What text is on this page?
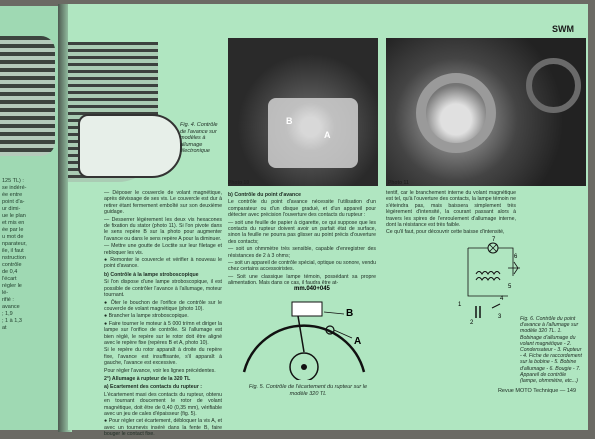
125 TL) :
se indéré-
ée entre
point d'a-
ur dimi-
ue le plan
et mis en
ée par le
u mot de
nparateur,
ile, il faut
nstruction
contrôle
de 0,4
l'écart
régler le
lé-
rifié :
avance
; 1,9
; 1 à 1,3
at
SWM
Fig. 4. Contrôle de l'avance sur modèles à allumage électronique
B
A
Photo 10	Photo 11

— Déposer le couvercle de volant magnétique, après dévissage de ses vis. Le couvercle est dur à retirer étant fermement emboîté sur son deuxième guidage.

— Desserrer légèrement les deux vis hexacones de fixation du stator (photo 11). Si l'on pivote dans le sens repère B sur la photo pour augmenter l'avance ou dans le sens repère A pour la diminuer.

— Mettre une goutte de Loctite sur leur filetage et rebloquer les vis.

● Remonter le couvercle et vérifier à nouveau le point d'avance.

b) Contrôle à la lampe stroboscopique

Si l'on dispose d'une lampe stroboscopique, il est possible de contrôler l'avance à l'allumage, moteur tournant.

● Ôter le bouchon de l'orifice de contrôle sur le couvercle de volant magnétique (photo 10).

● Brancher la lampe stroboscopique.

● Faire tourner le moteur à 5 000 tr/mn et diriger la lampe sur l'orifice de contrôle. Si l'allumage est bien réglé, le repère sur le rotor doit être aligné avec le repère fixe (repères B et A, photo 10).

Si le repère du rotor apparaît à droite du repère fixe, l'avance est insuffisante, s'il apparaît à gauche, l'avance est excessive.

Pour régler l'avance, voir les lignes précédentes.

2°) Allumage à rupteur de la 320 TL

a) Ecartement des contacts du rupteur :

L'écartement maxi des contacts du rupteur, obtenu en tournant doucement le rotor de volant magnétique, doit être de 0,40 (0,35 mm), vérifiable avec un jeu de cales d'épaisseur (fig. 5).

● Pour régler cet écartement, débloquer la vis A, et avec un tournevis inséré dans la fente B, faire bouger le contact fixe.

b) Contrôle du point d'avance

Le contrôle du point d'avance nécessite l'utilisation d'un comparateur ou d'un disque gradué, et d'un appareil pour détecter avec précision l'ouverture des contacts du rupteur :

— soit une feuille de papier à cigarette, ce qui suppose que les contacts du rupteur doivent avoir un parfait état de surface, sinon la feuille ne pourra pas glisser au point précis d'ouverture des contacts;

— soit un ohmmètre très sensible, capable d'enregistrer des résistances de 2 à 3 ohms;

— soit un appareil de contrôle spécial, optique ou sonore, vendu chez certains accessoiristes.

— Soit une classique lampe témoin, possédant sa propre alimentation. Mais dans ce cas, il faudra être at-

tentif, car le branchement interne du volant magnétique est tel, qu'à l'ouverture des contacts, la lampe témoin ne s'éteindra pas, mais baissera simplement très légèrement d'intensité, la courant passant alors à travers les spires de l'enroulement d'allumage interne, dont la résistance est très faible.

Ce qu'il faut, pour découvrir cette baisse d'intensité,

mm.040+045
B
A
Fig. 5. Contrôle de l'écartement du rupteur sur le modèle 320 TL
7
6
5
4
3
2
1
Fig. 6. Contrôle du point d'avance à l'allumage sur modèle 320 TL. 1. Bobinage d'allumage du volant magnétique - 2. Condensateur - 3. Rupteur - 4. Fiche de raccordement sur la bobine - 5. Bobine d'allumage - 6. Bougie - 7. Appareil de contrôle (lampe, ohmmètre, etc...)
Revue MOTO Technique — 149
